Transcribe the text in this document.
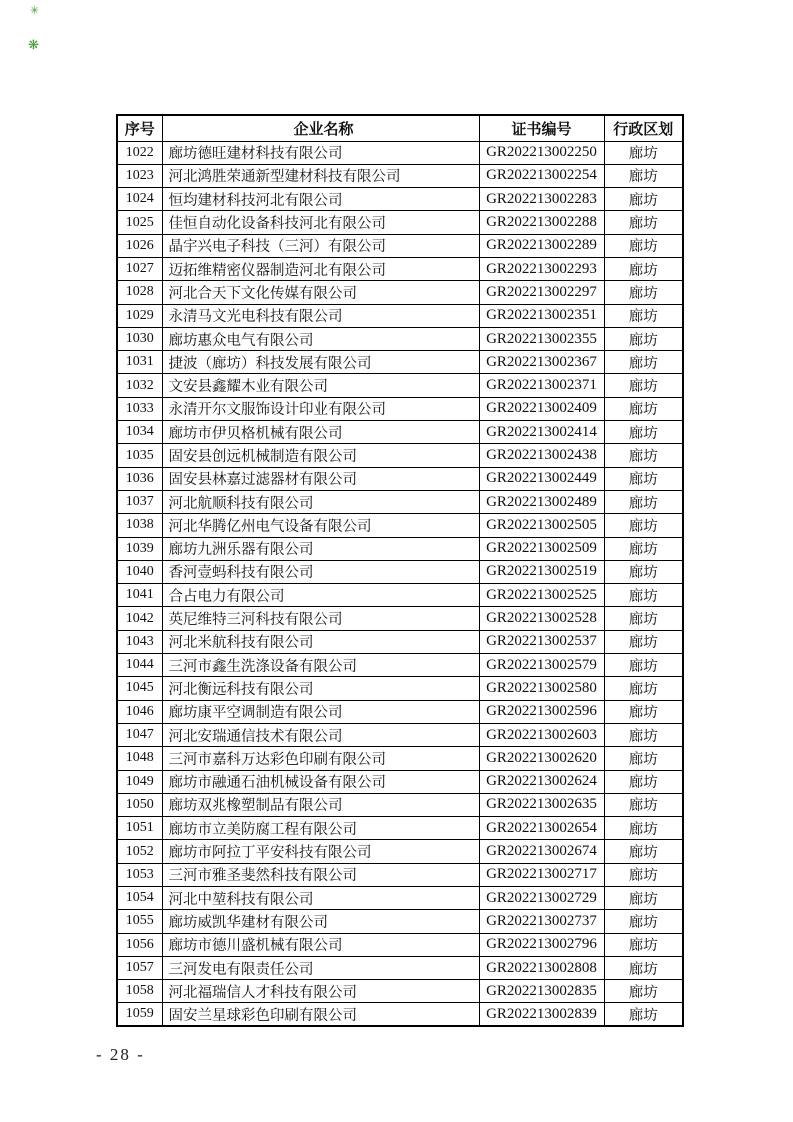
✳
❋
序号	企业名称	证书编号	行政区划
1022	廊坊德旺建材科技有限公司	GR202213002250	廊坊
1023	河北鸿胜荣通新型建材科技有限公司	GR202213002254	廊坊
1024	恒均建材科技河北有限公司	GR202213002283	廊坊
1025	佳恒自动化设备科技河北有限公司	GR202213002288	廊坊
1026	晶宇兴电子科技（三河）有限公司	GR202213002289	廊坊
1027	迈拓维精密仪器制造河北有限公司	GR202213002293	廊坊
1028	河北合天下文化传媒有限公司	GR202213002297	廊坊
1029	永清马文光电科技有限公司	GR202213002351	廊坊
1030	廊坊惠众电气有限公司	GR202213002355	廊坊
1031	捷波（廊坊）科技发展有限公司	GR202213002367	廊坊
1032	文安县鑫耀木业有限公司	GR202213002371	廊坊
1033	永清开尔文服饰设计印业有限公司	GR202213002409	廊坊
1034	廊坊市伊贝格机械有限公司	GR202213002414	廊坊
1035	固安县创远机械制造有限公司	GR202213002438	廊坊
1036	固安县林嘉过滤器材有限公司	GR202213002449	廊坊
1037	河北航顺科技有限公司	GR202213002489	廊坊
1038	河北华腾亿州电气设备有限公司	GR202213002505	廊坊
1039	廊坊九洲乐器有限公司	GR202213002509	廊坊
1040	香河壹蚂科技有限公司	GR202213002519	廊坊
1041	合占电力有限公司	GR202213002525	廊坊
1042	英尼维特三河科技有限公司	GR202213002528	廊坊
1043	河北米航科技有限公司	GR202213002537	廊坊
1044	三河市鑫生洗涤设备有限公司	GR202213002579	廊坊
1045	河北衡远科技有限公司	GR202213002580	廊坊
1046	廊坊康平空调制造有限公司	GR202213002596	廊坊
1047	河北安瑞通信技术有限公司	GR202213002603	廊坊
1048	三河市嘉科万达彩色印刷有限公司	GR202213002620	廊坊
1049	廊坊市融通石油机械设备有限公司	GR202213002624	廊坊
1050	廊坊双兆橡塑制品有限公司	GR202213002635	廊坊
1051	廊坊市立美防腐工程有限公司	GR202213002654	廊坊
1052	廊坊市阿拉丁平安科技有限公司	GR202213002674	廊坊
1053	三河市雅圣斐然科技有限公司	GR202213002717	廊坊
1054	河北中堃科技有限公司	GR202213002729	廊坊
1055	廊坊威凯华建材有限公司	GR202213002737	廊坊
1056	廊坊市德川盛机械有限公司	GR202213002796	廊坊
1057	三河发电有限责任公司	GR202213002808	廊坊
1058	河北福瑞信人才科技有限公司	GR202213002835	廊坊
1059	固安兰星球彩色印刷有限公司	GR202213002839	廊坊
- 28 -
